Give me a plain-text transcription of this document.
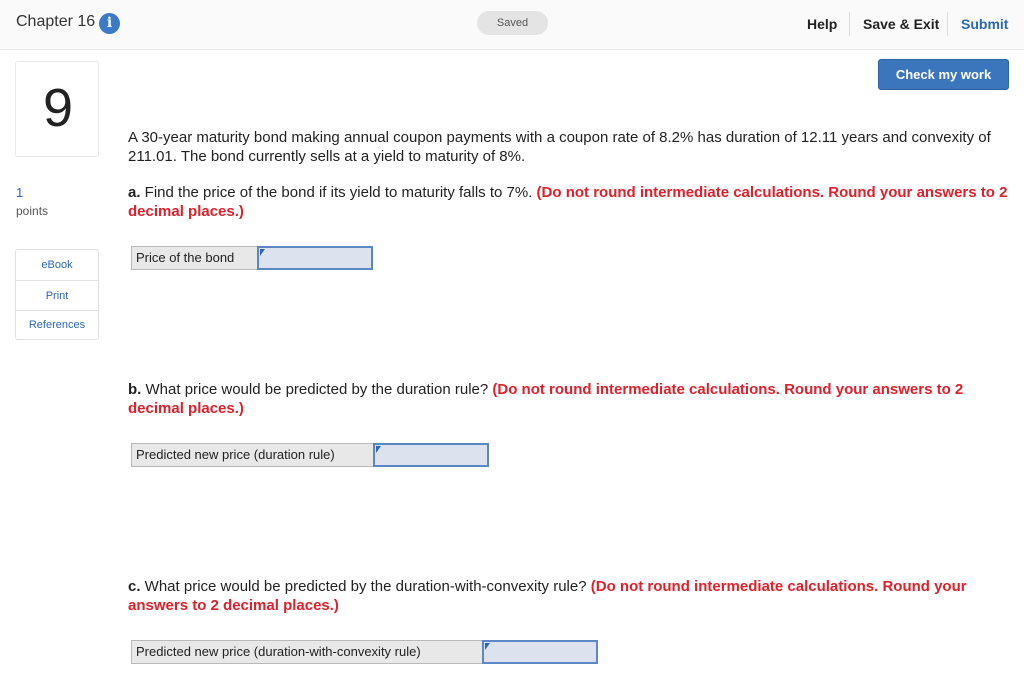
Chapter 16 i	Saved	Help Save & Exit Submit
Check my work
9
1
points
eBook
Print
References
A 30-year maturity bond making annual coupon payments with a coupon rate of 8.2% has duration of 12.11 years and convexity of 211.01. The bond currently sells at a yield to maturity of 8%.
a. Find the price of the bond if its yield to maturity falls to 7%. (Do not round intermediate calculations. Round your answers to 2 decimal places.)
Price of the bond
b. What price would be predicted by the duration rule? (Do not round intermediate calculations. Round your answers to 2 decimal places.)
Predicted new price (duration rule)
c. What price would be predicted by the duration-with-convexity rule? (Do not round intermediate calculations. Round your answers to 2 decimal places.)
Predicted new price (duration-with-convexity rule)
